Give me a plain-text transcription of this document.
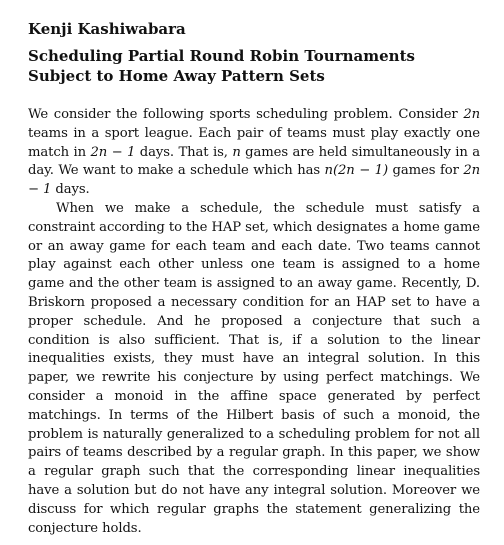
Kenji Kashiwabara
Scheduling Partial Round Robin Tournaments Subject to Home Away Pattern Sets

We consider the following sports scheduling problem. Consider 2n teams in a sport league. Each pair of teams must play exactly one match in 2n − 1 days. That is, n games are held simultaneously in a day. We want to make a schedule which has n(2n − 1) games for 2n − 1 days.

When we make a schedule, the schedule must satisfy a constraint according to the HAP set, which designates a home game or an away game for each team and each date. Two teams cannot play against each other unless one team is assigned to a home game and the other team is assigned to an away game. Recently, D. Briskorn proposed a necessary condition for an HAP set to have a proper schedule. And he proposed a conjecture that such a condition is also sufficient. That is, if a solution to the linear inequalities exists, they must have an integral solution. In this paper, we rewrite his conjecture by using perfect matchings. We consider a monoid in the affine space generated by perfect matchings. In terms of the Hilbert basis of such a monoid, the problem is naturally generalized to a scheduling problem for not all pairs of teams described by a regular graph. In this paper, we show a regular graph such that the corresponding linear inequalities have a solution but do not have any integral solution. Moreover we discuss for which regular graphs the statement generalizing the conjecture holds.
